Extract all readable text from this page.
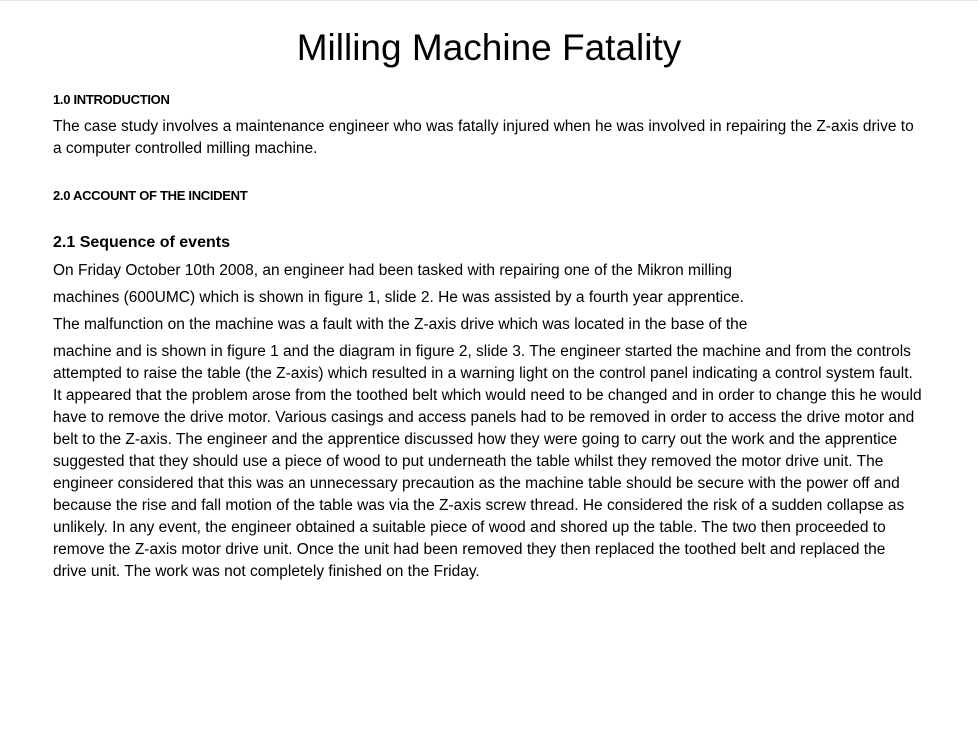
Milling Machine Fatality
1.0 INTRODUCTION

The case study involves a maintenance engineer who was fatally injured when he was involved in repairing the Z-axis drive to a computer controlled milling machine.

2.0 ACCOUNT OF THE INCIDENT
2.1 Sequence of events
On Friday October 10th 2008, an engineer had been tasked with repairing one of the Mikron milling
machines (600UMC) which is shown in figure 1, slide 2. He was assisted by a fourth year apprentice.
The malfunction on the machine was a fault with the Z-axis drive which was located in the base of the

machine and is shown in figure 1 and the diagram in figure 2, slide 3. The engineer started the machine and from the controls attempted to raise the table (the Z-axis) which resulted in a warning light on the control panel indicating a control system fault. It appeared that the problem arose from the toothed belt which would need to be changed and in order to change this he would have to remove the drive motor. Various casings and access panels had to be removed in order to access the drive motor and belt to the Z-axis. The engineer and the apprentice discussed how they were going to carry out the work and the apprentice suggested that they should use a piece of wood to put underneath the table whilst they removed the motor drive unit. The engineer considered that this was an unnecessary precaution as the machine table should be secure with the power off and because the rise and fall motion of the table was via the Z-axis screw thread. He considered the risk of a sudden collapse as unlikely. In any event, the engineer obtained a suitable piece of wood and shored up the table. The two then proceeded to remove the Z-axis motor drive unit. Once the unit had been removed they then replaced the toothed belt and replaced the drive unit. The work was not completely finished on the Friday.
